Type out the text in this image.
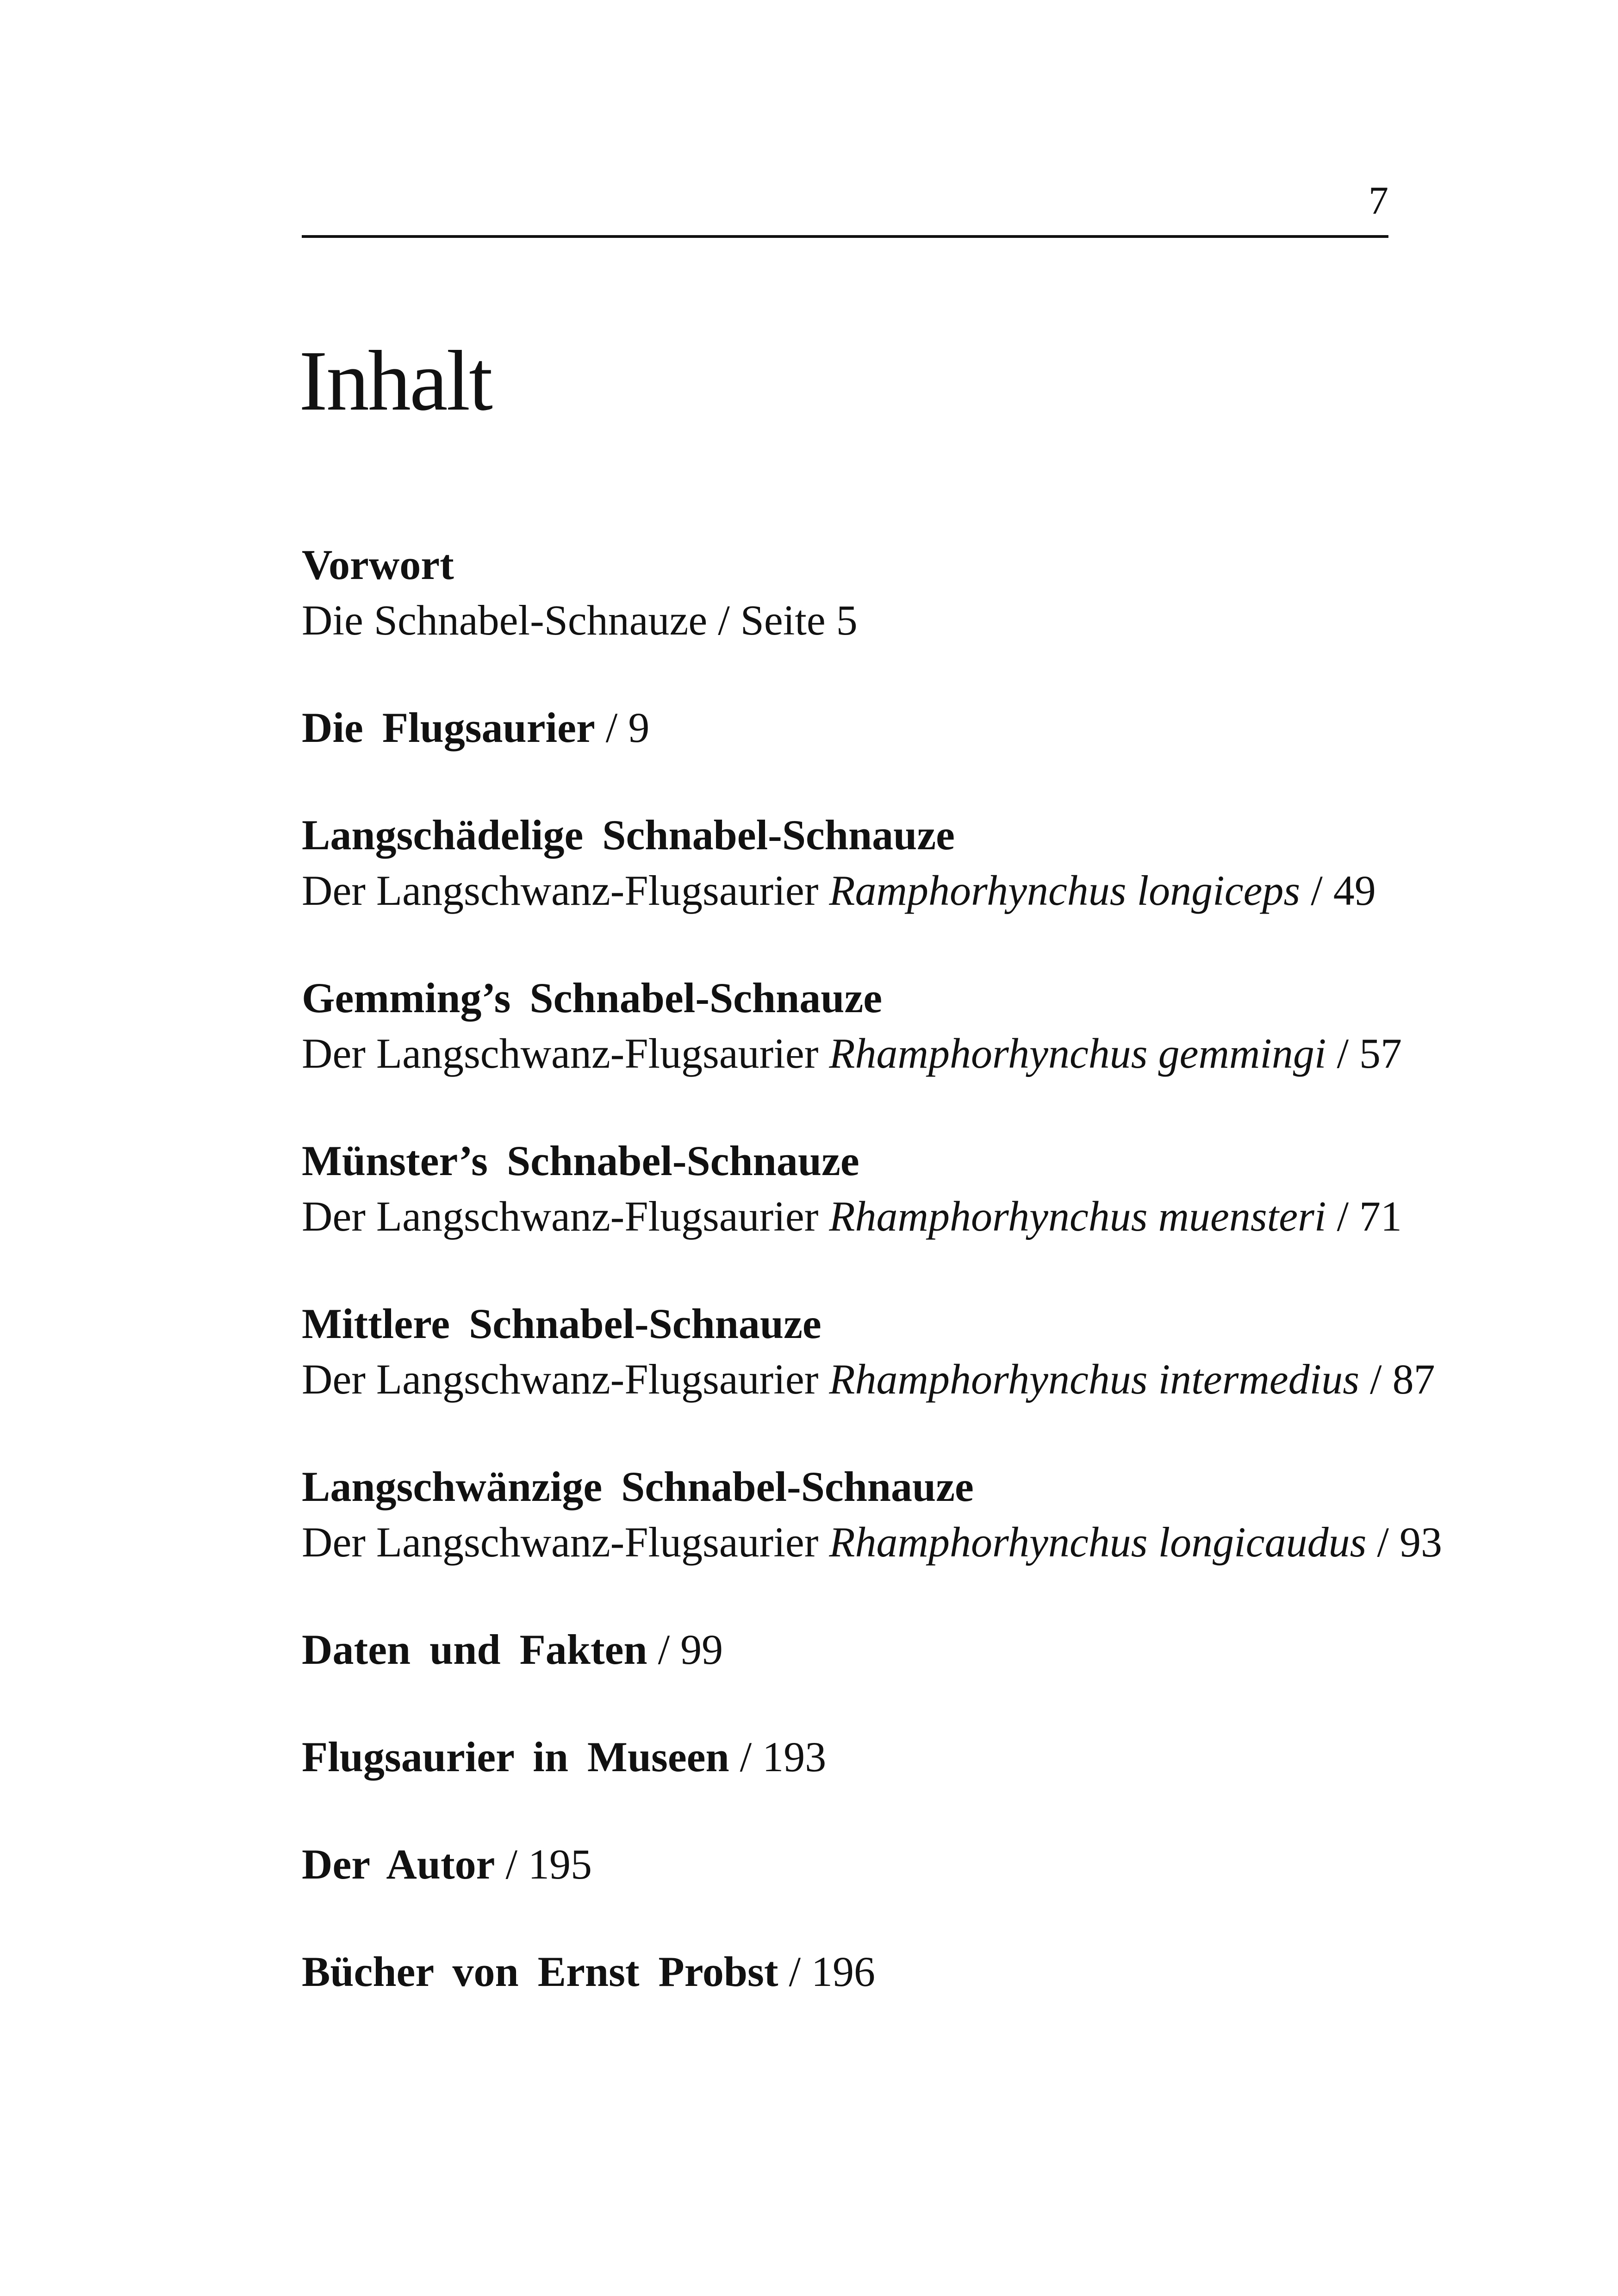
7
Inhalt
Vorwort
Die Schnabel-Schnauze / Seite 5
Die Flugsaurier / 9
Langschädelige Schnabel-Schnauze
Der Langschwanz-Flugsaurier Ramphorhynchus longiceps / 49
Gemming’s Schnabel-Schnauze
Der Langschwanz-Flugsaurier Rhamphorhynchus gemmingi / 57
Münster’s Schnabel-Schnauze
Der Langschwanz-Flugsaurier Rhamphorhynchus muensteri / 71
Mittlere Schnabel-Schnauze
Der Langschwanz-Flugsaurier Rhamphorhynchus intermedius / 87
Langschwänzige Schnabel-Schnauze
Der Langschwanz-Flugsaurier Rhamphorhynchus longicaudus / 93
Daten und Fakten / 99
Flugsaurier in Museen / 193
Der Autor / 195
Bücher von Ernst Probst / 196
